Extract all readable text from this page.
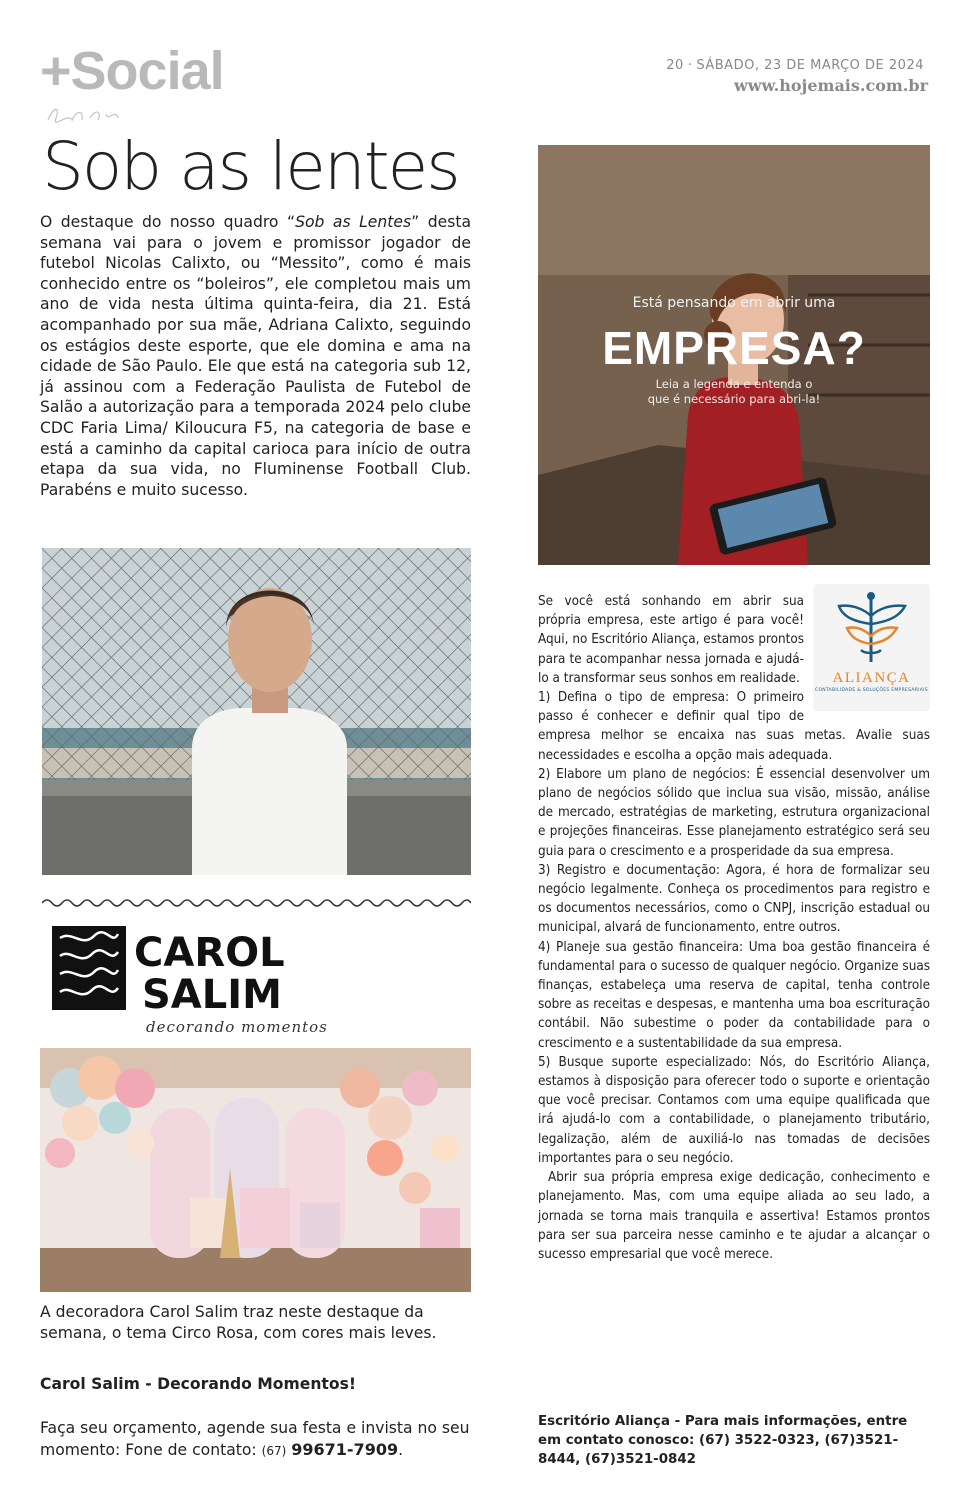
+Social	20 · SÁBADO, 23 DE MARÇO DE 2024
www.hojemais.com.br
Sob as lentes
O destaque do nosso quadro “Sob as Lentes” desta semana vai para o jovem e promissor jogador de futebol Nicolas Calixto, ou “Messito”, como é mais conhecido entre os “boleiros”, ele completou mais um ano de vida nesta última quinta-feira, dia 21. Está acompanhado por sua mãe, Adriana Calixto, seguindo os estágios deste esporte, que ele domina e ama na cidade de São Paulo. Ele que está na categoria sub 12, já assinou com a Federação Paulista de Futebol de Salão a autorização para a temporada 2024 pelo clube CDC Faria Lima/ Kiloucura F5, na categoria de base e está a caminho da capital carioca para início de outra etapa da sua vida, no Fluminense Football Club. Parabéns e muito sucesso.
CAROL
SALIM
decorando momentos
A decoradora Carol Salim traz neste destaque da semana, o tema Circo Rosa, com cores mais leves.
Carol Salim - Decorando Momentos!
Faça seu orçamento, agende sua festa e invista no seu momento: Fone de contato: (67) 99671-7909.
Está pensando em abrir uma
EMPRESA?
Leia a legenda e entenda o
que é necessário para abri-la!
ALIANÇA
CONTABILIDADE & SOLUÇÕES EMPRESARIAIS

Se você está sonhando em abrir sua própria empresa, este artigo é para você! Aqui, no Escritório Aliança, estamos prontos para te acompanhar nessa jornada e ajudá-lo a transformar seus sonhos em realidade.

1) Defina o tipo de empresa: O primeiro passo é conhecer e definir qual tipo de empresa melhor se encaixa nas suas metas. Avalie suas necessidades e escolha a opção mais adequada.

2) Elabore um plano de negócios: É essencial desenvolver um plano de negócios sólido que inclua sua visão, missão, análise de mercado, estratégias de marketing, estrutura organizacional e projeções financeiras. Esse planejamento estratégico será seu guia para o crescimento e a prosperidade da sua empresa.

3) Registro e documentação: Agora, é hora de formalizar seu negócio legalmente. Conheça os procedimentos para registro e os documentos necessários, como o CNPJ, inscrição estadual ou municipal, alvará de funcionamento, entre outros.

4) Planeje sua gestão financeira: Uma boa gestão financeira é fundamental para o sucesso de qualquer negócio. Organize suas finanças, estabeleça uma reserva de capital, tenha controle sobre as receitas e despesas, e mantenha uma boa escrituração contábil. Não subestime o poder da contabilidade para o crescimento e a sustentabilidade da sua empresa.

5) Busque suporte especializado: Nós, do Escritório Aliança, estamos à disposição para oferecer todo o suporte e orientação que você precisar. Contamos com uma equipe qualificada que irá ajudá-lo com a contabilidade, o planejamento tributário, legalização, além de auxiliá-lo nas tomadas de decisões importantes para o seu negócio.

Abrir sua própria empresa exige dedicação, conhecimento e planejamento. Mas, com uma equipe aliada ao seu lado, a jornada se torna mais tranquila e assertiva! Estamos prontos para ser sua parceira nesse caminho e te ajudar a alcançar o sucesso empresarial que você merece.

Escritório Aliança - Para mais informações, entre em contato conosco: (67) 3522-0323, (67)3521-8444, (67)3521-0842
